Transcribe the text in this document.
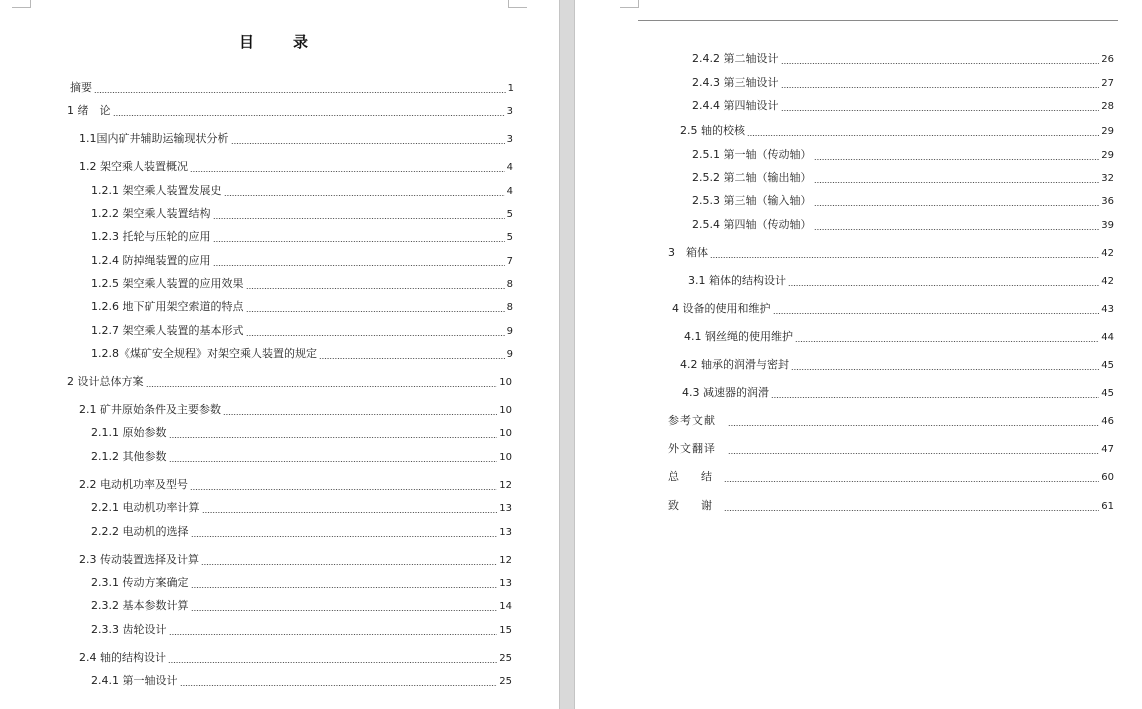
目　录
摘要	1
1 绪　论	3
1.1国内矿井辅助运输现状分析	3
1.2 架空乘人装置概况	4
1.2.1 架空乘人装置发展史	4
1.2.2 架空乘人装置结构	5
1.2.3 托轮与压轮的应用	5
1.2.4 防掉绳装置的应用	7
1.2.5 架空乘人装置的应用效果	8
1.2.6 地下矿用架空索道的特点	8
1.2.7 架空乘人装置的基本形式	9
1.2.8《煤矿安全规程》对架空乘人装置的规定	9
2 设计总体方案	10
2.1 矿井原始条件及主要参数	10
2.1.1 原始参数	10
2.1.2 其他参数	10
2.2 电动机功率及型号	12
2.2.1 电动机功率计算	13
2.2.2 电动机的选择	13
2.3 传动装置选择及计算	12
2.3.1 传动方案确定	13
2.3.2 基本参数计算	14
2.3.3 齿轮设计	15
2.4 轴的结构设计	25
2.4.1 第一轴设计	25
2.4.2 第二轴设计	26
2.4.3 第三轴设计	27
2.4.4 第四轴设计	28
2.5 轴的校核	29
2.5.1 第一轴（传动轴）	29
2.5.2 第二轴（输出轴）	32
2.5.3 第三轴（输入轴）	36
2.5.4 第四轴（传动轴）	39
3　箱体	42
3.1 箱体的结构设计	42
4 设备的使用和维护	43
4.1 钢丝绳的使用维护	44
4.2 轴承的润滑与密封	45
4.3 减速器的润滑	45
参考文献	46
外文翻译	47
总　　结	60
致　　谢	61
